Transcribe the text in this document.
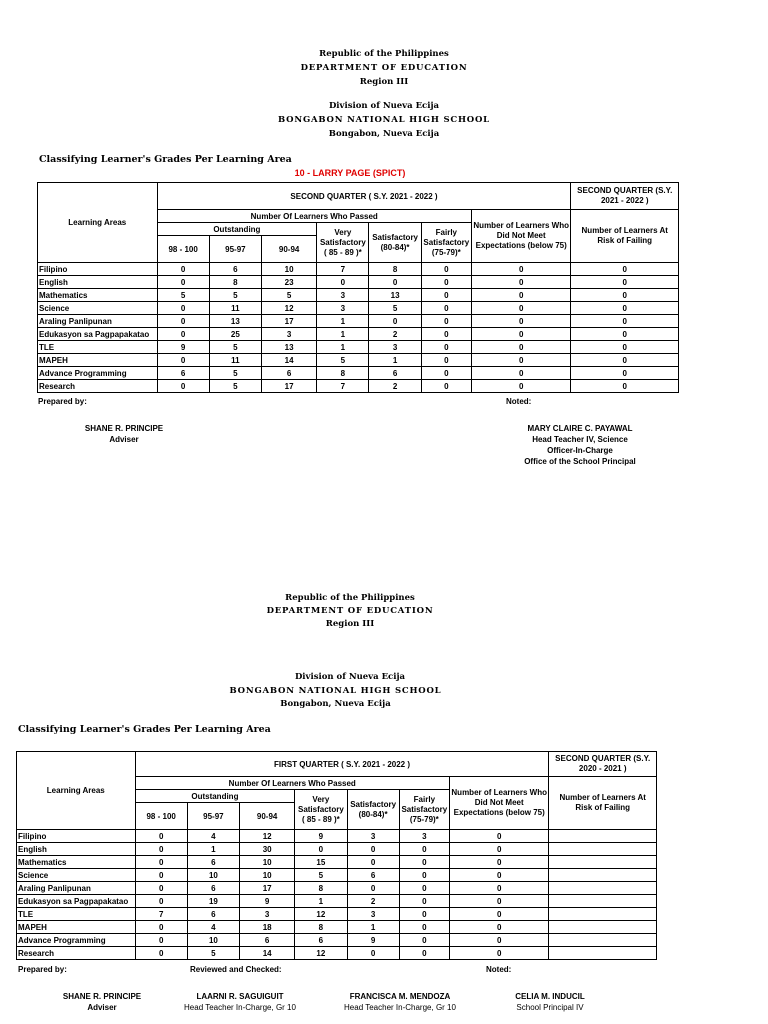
Republic of the Philippines
DEPARTMENT OF EDUCATION
Region III
Division of Nueva Ecija
BONGABON NATIONAL HIGH SCHOOL
Bongabon, Nueva Ecija
Classifying Learner's Grades Per Learning Area
10 - LARRY PAGE (SPICT)
Learning Areas	SECOND QUARTER ( S.Y. 2021 - 2022 )							SECOND QUARTER (S.Y. 2021 - 2022 )
	Number Of Learners Who Passed						Number of Learners Who Did Not Meet Expectations (below 75)	Number of Learners At Risk of Failing
	Outstanding			Very Satisfactory ( 85 - 89 )*	Satisfactory (80-84)*	Fairly Satisfactory (75-79)*		
	98 - 100	95-97	90-94					
Filipino	0	6	10	7	8	0	0	0
English	0	8	23	0	0	0	0	0
Mathematics	5	5	5	3	13	0	0	0
Science	0	11	12	3	5	0	0	0
Araling Panlipunan	0	13	17	1	0	0	0	0
Edukasyon sa Pagpapakatao	0	25	3	1	2	0	0	0
TLE	9	5	13	1	3	0	0	0
MAPEH	0	11	14	5	1	0	0	0
Advance Programming	6	5	6	8	6	0	0	0
Research	0	5	17	7	2	0	0	0
Prepared by:	Noted:
SHANE R. PRINCIPE
Adviser
MARY CLAIRE C. PAYAWAL
Head Teacher IV, Science
Officer-In-Charge
Office of the School Principal
Republic of the Philippines
DEPARTMENT OF EDUCATION
Region III
Division of Nueva Ecija
BONGABON NATIONAL HIGH SCHOOL
Bongabon, Nueva Ecija
Classifying Learner's Grades Per Learning Area
Learning Areas	FIRST QUARTER ( S.Y. 2021 - 2022 )							SECOND QUARTER (S.Y. 2020 - 2021 )
	Number Of Learners Who Passed						Number of Learners Who Did Not Meet Expectations (below 75)	Number of Learners At Risk of Failing
	Outstanding			Very Satisfactory ( 85 - 89 )*	Satisfactory (80-84)*	Fairly Satisfactory (75-79)*		
	98 - 100	95-97	90-94					
Filipino	0	4	12	9	3	3	0	
English	0	1	30	0	0	0	0	
Mathematics	0	6	10	15	0	0	0	
Science	0	10	10	5	6	0	0	
Araling Panlipunan	0	6	17	8	0	0	0	
Edukasyon sa Pagpapakatao	0	19	9	1	2	0	0	
TLE	7	6	3	12	3	0	0	
MAPEH	0	4	18	8	1	0	0	
Advance Programming	0	10	6	6	9	0	0	
Research	0	5	14	12	0	0	0	
Prepared by:	Reviewed and Checked:	Noted:
SHANE R. PRINCIPE
Adviser
LAARNI R. SAGUIGUIT
Head Teacher In-Charge, Gr 10
FRANCISCA M. MENDOZA
Head Teacher In-Charge, Gr 10
CELIA M. INDUCIL
School Principal IV
